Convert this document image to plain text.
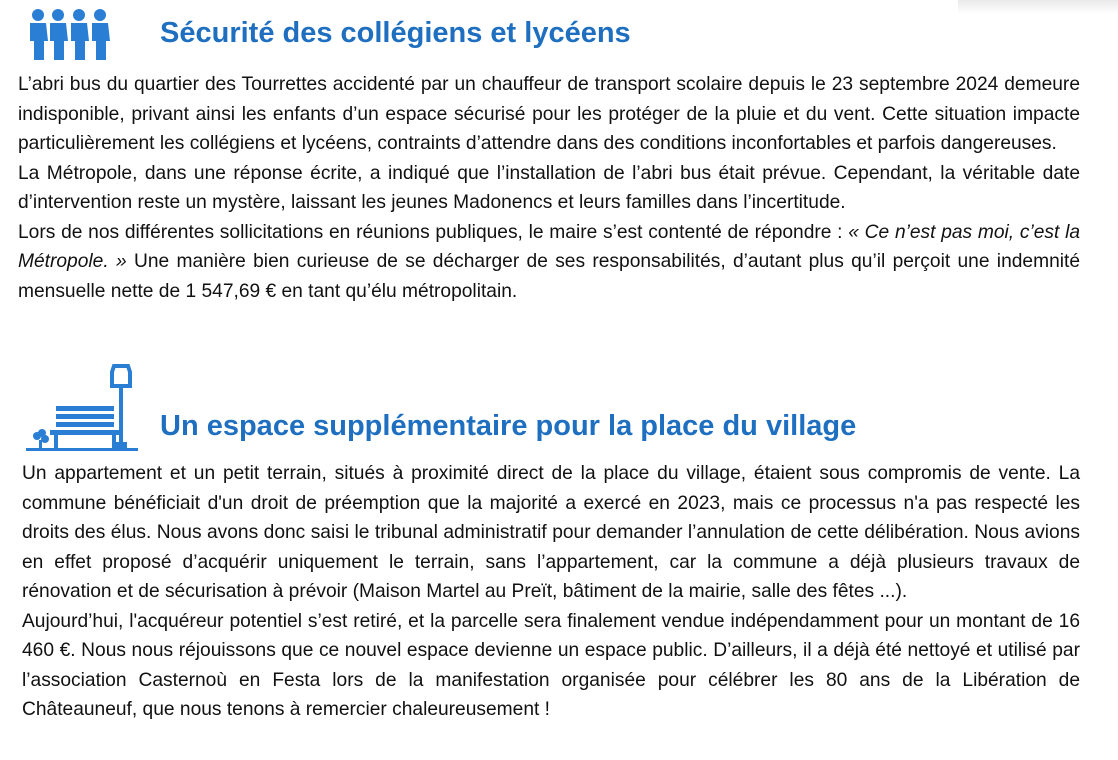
Sécurité des collégiens et lycéens

L’abri bus du quartier des Tourrettes accidenté par un chauffeur de transport scolaire depuis le 23 septembre 2024 demeure indisponible, privant ainsi les enfants d’un espace sécurisé pour les protéger de la pluie et du vent. Cette situation impacte particulièrement les collégiens et lycéens, contraints d’attendre dans des conditions inconfortables et parfois dangereuses.

La Métropole, dans une réponse écrite, a indiqué que l’installation de l’abri bus était prévue. Cependant, la véritable date d’intervention reste un mystère, laissant les jeunes Madonencs et leurs familles dans l’incertitude.

Lors de nos différentes sollicitations en réunions publiques, le maire s’est contenté de répondre : « Ce n’est pas moi, c’est la Métropole. » Une manière bien curieuse de se décharger de ses responsabilités, d’autant plus qu’il perçoit une indemnité mensuelle nette de 1 547,69 € en tant qu’élu métropolitain.

Un espace supplémentaire pour la place du village

Un appartement et un petit terrain, situés à proximité direct de la place du village, étaient sous compromis de vente. La commune bénéficiait d'un droit de préemption que la majorité a exercé en 2023, mais ce processus n'a pas respecté les droits des élus. Nous avons donc saisi le tribunal administratif pour demander l’annulation de cette délibération. Nous avions en effet proposé d’acquérir uniquement le terrain, sans l’appartement, car la commune a déjà plusieurs travaux de rénovation et de sécurisation à prévoir (Maison Martel au Preït, bâtiment de la mairie, salle des fêtes ...).

Aujourd’hui, l'acquéreur potentiel s’est retiré, et la parcelle sera finalement vendue indépendamment pour un montant de 16 460 €. Nous nous réjouissons que ce nouvel espace devienne un espace public. D’ailleurs, il a déjà été nettoyé et utilisé par l’association Casternoù en Festa lors de la manifestation organisée pour célébrer les 80 ans de la Libération de Châteauneuf, que nous tenons à remercier chaleureusement !
